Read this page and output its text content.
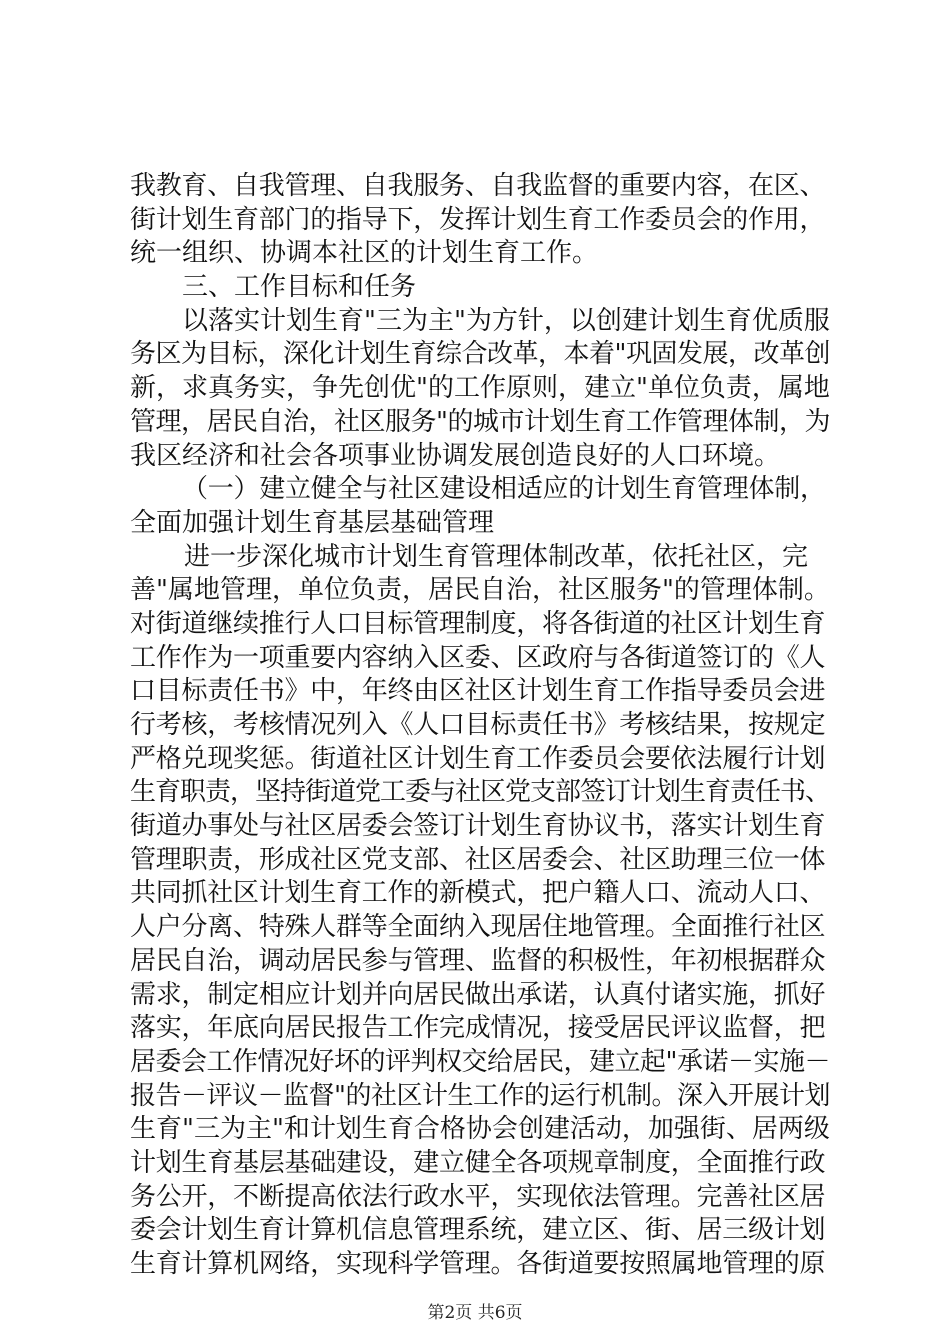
我教育、自我管理、自我服务、自我监督的重要内容，在区、
街计划生育部门的指导下，发挥计划生育工作委员会的作用，
统一组织、协调本社区的计划生育工作。
三、工作目标和任务
以落实计划生育"三为主"为方针，以创建计划生育优质服
务区为目标，深化计划生育综合改革，本着"巩固发展，改革创
新，求真务实，争先创优"的工作原则，建立"单位负责，属地
管理，居民自治，社区服务"的城市计划生育工作管理体制，为
我区经济和社会各项事业协调发展创造良好的人口环境。
（一）建立健全与社区建设相适应的计划生育管理体制，
全面加强计划生育基层基础管理
进一步深化城市计划生育管理体制改革，依托社区，完
善"属地管理，单位负责，居民自治，社区服务"的管理体制。
对街道继续推行人口目标管理制度，将各街道的社区计划生育
工作作为一项重要内容纳入区委、区政府与各街道签订的《人
口目标责任书》中，年终由区社区计划生育工作指导委员会进
行考核，考核情况列入《人口目标责任书》考核结果，按规定
严格兑现奖惩。街道社区计划生育工作委员会要依法履行计划
生育职责，坚持街道党工委与社区党支部签订计划生育责任书、
街道办事处与社区居委会签订计划生育协议书，落实计划生育
管理职责，形成社区党支部、社区居委会、社区助理三位一体
共同抓社区计划生育工作的新模式，把户籍人口、流动人口、
人户分离、特殊人群等全面纳入现居住地管理。全面推行社区
居民自治，调动居民参与管理、监督的积极性，年初根据群众
需求，制定相应计划并向居民做出承诺，认真付诸实施，抓好
落实，年底向居民报告工作完成情况，接受居民评议监督，把
居委会工作情况好坏的评判权交给居民，建立起"承诺－实施－
报告－评议－监督"的社区计生工作的运行机制。深入开展计划
生育"三为主"和计划生育合格协会创建活动，加强街、居两级
计划生育基层基础建设，建立健全各项规章制度，全面推行政
务公开，不断提高依法行政水平，实现依法管理。完善社区居
委会计划生育计算机信息管理系统，建立区、街、居三级计划
生育计算机网络，实现科学管理。各街道要按照属地管理的原
第2页 共6页
